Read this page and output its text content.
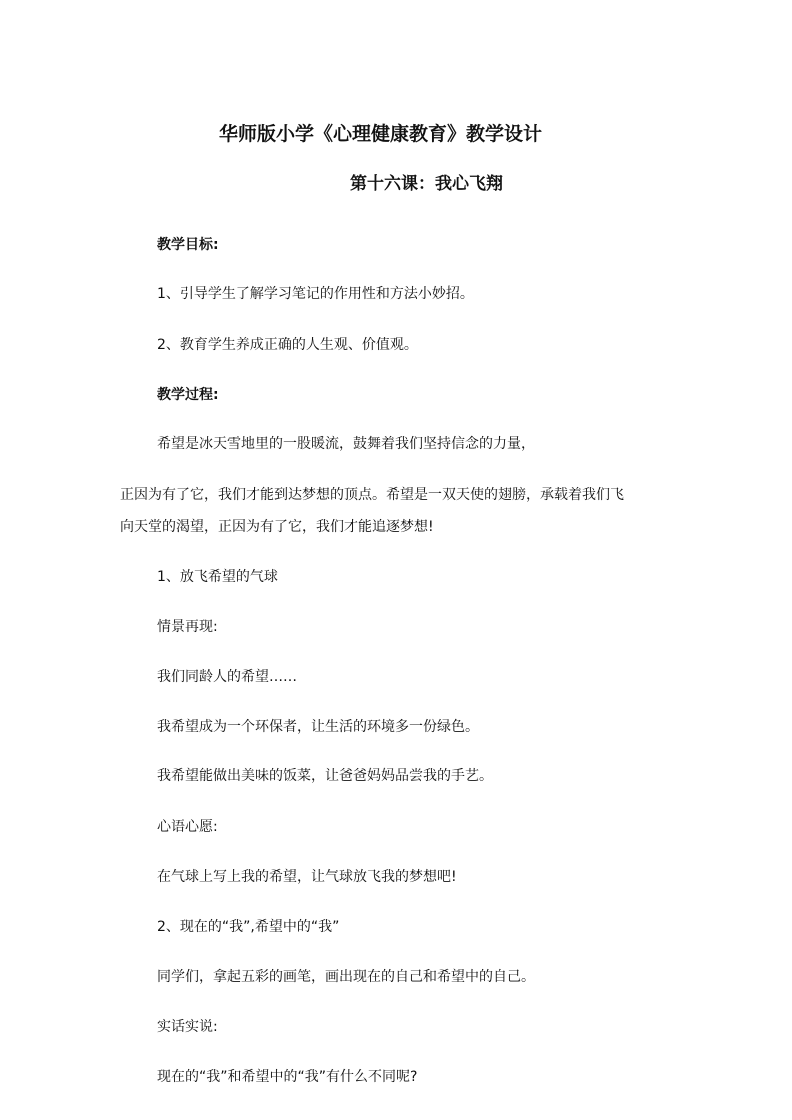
华师版小学《心理健康教育》教学设计
第十六课：我心飞翔
教学目标:
1、引导学生了解学习笔记的作用性和方法小妙招。
2、教育学生养成正确的人生观、价值观。
教学过程:
希望是冰天雪地里的一股暖流，鼓舞着我们坚持信念的力量，
正因为有了它，我们才能到达梦想的顶点。希望是一双天使的翅膀，承载着我们飞
向天堂的渴望，正因为有了它，我们才能追逐梦想!
1、放飞希望的气球
情景再现:
我们同龄人的希望……
我希望成为一个环保者，让生活的环境多一份绿色。
我希望能做出美味的饭菜，让爸爸妈妈品尝我的手艺。
心语心愿:
在气球上写上我的希望，让气球放飞我的梦想吧!
2、现在的“我”,希望中的“我”
同学们，拿起五彩的画笔，画出现在的自己和希望中的自己。
实话实说:
现在的“我”和希望中的“我”有什么不同呢?
